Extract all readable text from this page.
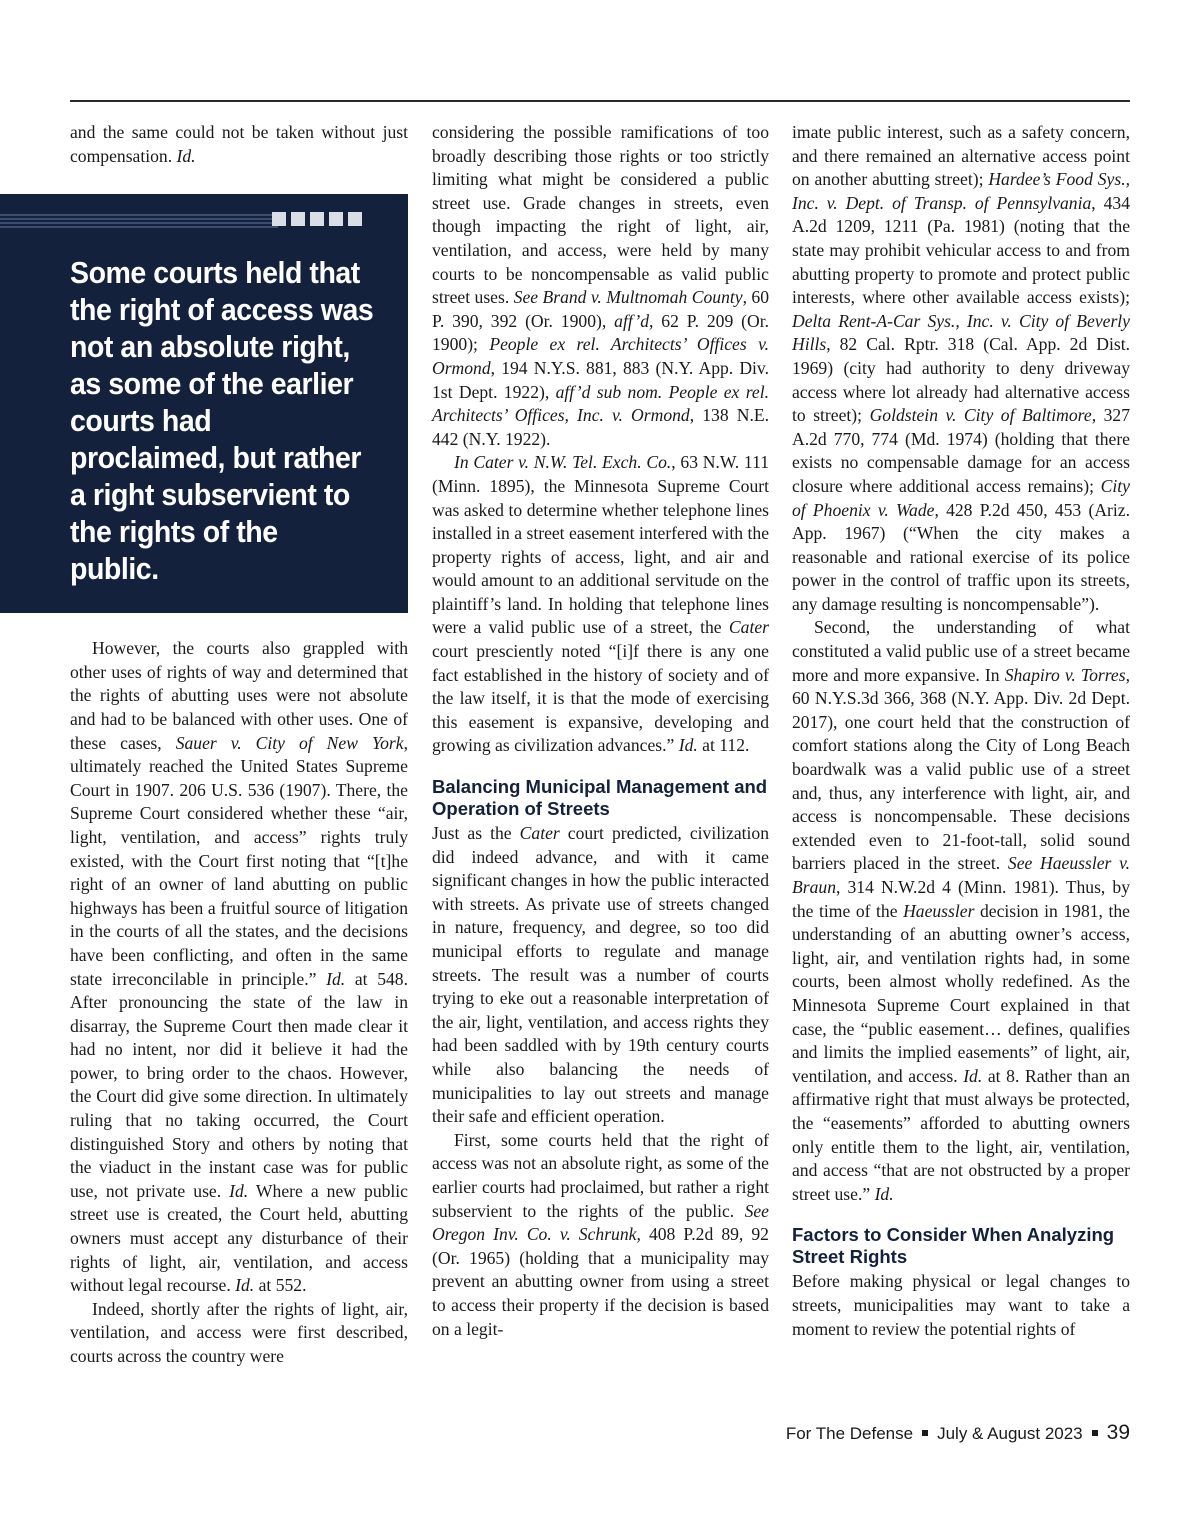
and the same could not be taken without just compensation. Id.

Some courts held that the right of access was not an absolute right, as some of the earlier courts had proclaimed, but rather a right subservient to the rights of the public.

However, the courts also grappled with other uses of rights of way and determined that the rights of abutting uses were not absolute and had to be balanced with other uses. One of these cases, Sauer v. City of New York, ultimately reached the United States Supreme Court in 1907. 206 U.S. 536 (1907). There, the Supreme Court considered whether these “air, light, ventilation, and access” rights truly existed, with the Court first noting that “[t]he right of an owner of land abutting on public highways has been a fruitful source of litigation in the courts of all the states, and the decisions have been conflicting, and often in the same state irreconcilable in principle.” Id. at 548. After pronouncing the state of the law in disarray, the Supreme Court then made clear it had no intent, nor did it believe it had the power, to bring order to the chaos. However, the Court did give some direction. In ultimately ruling that no taking occurred, the Court distinguished Story and others by noting that the viaduct in the instant case was for public use, not private use. Id. Where a new public street use is created, the Court held, abutting owners must accept any disturbance of their rights of light, air, ventilation, and access without legal recourse. Id. at 552.

Indeed, shortly after the rights of light, air, ventilation, and access were first described, courts across the country were

considering the possible ramifications of too broadly describing those rights or too strictly limiting what might be considered a public street use. Grade changes in streets, even though impacting the right of light, air, ventilation, and access, were held by many courts to be noncompensable as valid public street uses. See Brand v. Multnomah County, 60 P. 390, 392 (Or. 1900), aff’d, 62 P. 209 (Or. 1900); People ex rel. Architects’ Offices v. Ormond, 194 N.Y.S. 881, 883 (N.Y. App. Div. 1st Dept. 1922), aff’d sub nom. People ex rel. Architects’ Offices, Inc. v. Ormond, 138 N.E. 442 (N.Y. 1922).

In Cater v. N.W. Tel. Exch. Co., 63 N.W. 111 (Minn. 1895), the Minnesota Supreme Court was asked to determine whether telephone lines installed in a street easement interfered with the property rights of access, light, and air and would amount to an additional servitude on the plaintiff’s land. In holding that telephone lines were a valid public use of a street, the Cater court presciently noted “[i]f there is any one fact established in the history of society and of the law itself, it is that the mode of exercising this easement is expansive, developing and growing as civilization advances.” Id. at 112.

Balancing Municipal Management and Operation of Streets

Just as the Cater court predicted, civilization did indeed advance, and with it came significant changes in how the public interacted with streets. As private use of streets changed in nature, frequency, and degree, so too did municipal efforts to regulate and manage streets. The result was a number of courts trying to eke out a reasonable interpretation of the air, light, ventilation, and access rights they had been saddled with by 19th century courts while also balancing the needs of municipalities to lay out streets and manage their safe and efficient operation.

First, some courts held that the right of access was not an absolute right, as some of the earlier courts had proclaimed, but rather a right subservient to the rights of the public. See Oregon Inv. Co. v. Schrunk, 408 P.2d 89, 92 (Or. 1965) (holding that a municipality may prevent an abutting owner from using a street to access their property if the decision is based on a legit-

imate public interest, such as a safety concern, and there remained an alternative access point on another abutting street); Hardee’s Food Sys., Inc. v. Dept. of Transp. of Pennsylvania, 434 A.2d 1209, 1211 (Pa. 1981) (noting that the state may prohibit vehicular access to and from abutting property to promote and protect public interests, where other available access exists); Delta Rent-A-Car Sys., Inc. v. City of Beverly Hills, 82 Cal. Rptr. 318 (Cal. App. 2d Dist. 1969) (city had authority to deny driveway access where lot already had alternative access to street); Goldstein v. City of Baltimore, 327 A.2d 770, 774 (Md. 1974) (holding that there exists no compensable damage for an access closure where additional access remains); City of Phoenix v. Wade, 428 P.2d 450, 453 (Ariz. App. 1967) (“When the city makes a reasonable and rational exercise of its police power in the control of traffic upon its streets, any damage resulting is noncompensable”).

Second, the understanding of what constituted a valid public use of a street became more and more expansive. In Shapiro v. Torres, 60 N.Y.S.3d 366, 368 (N.Y. App. Div. 2d Dept. 2017), one court held that the construction of comfort stations along the City of Long Beach boardwalk was a valid public use of a street and, thus, any interference with light, air, and access is noncompensable. These decisions extended even to 21-foot-tall, solid sound barriers placed in the street. See Haeussler v. Braun, 314 N.W.2d 4 (Minn. 1981). Thus, by the time of the Haeussler decision in 1981, the understanding of an abutting owner’s access, light, air, and ventilation rights had, in some courts, been almost wholly redefined. As the Minnesota Supreme Court explained in that case, the “public easement… defines, qualifies and limits the implied easements” of light, air, ventilation, and access. Id. at 8. Rather than an affirmative right that must always be protected, the “easements” afforded to abutting owners only entitle them to the light, air, ventilation, and access “that are not obstructed by a proper street use.” Id.

Factors to Consider When Analyzing Street Rights

Before making physical or legal changes to streets, municipalities may want to take a moment to review the potential rights of

For The Defense July & August 2023 39
